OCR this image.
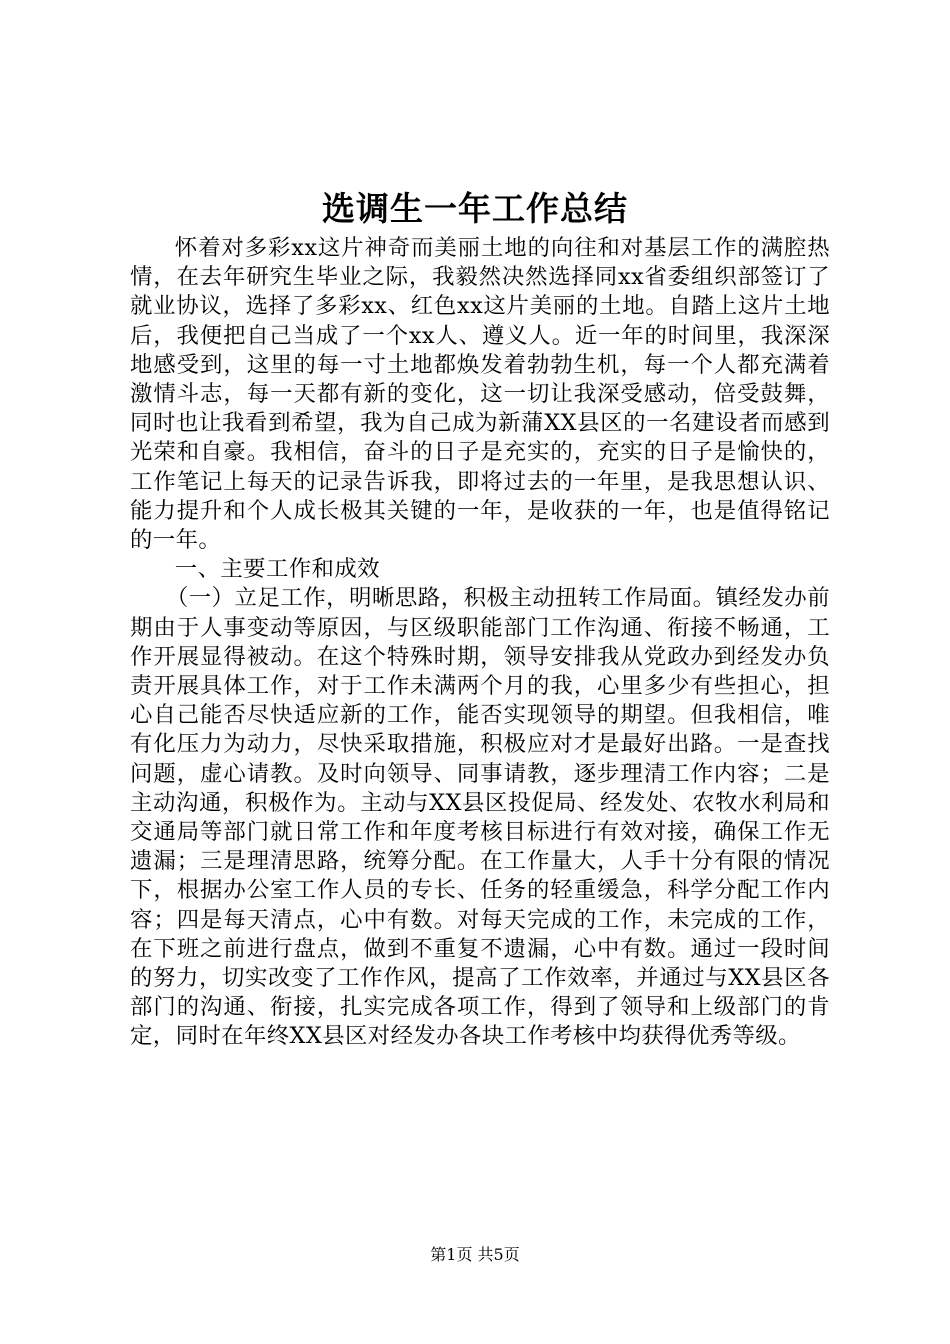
选调生一年工作总结

怀着对多彩xx这片神奇而美丽土地的向往和对基层工作的满腔热情，在去年研究生毕业之际，我毅然决然选择同xx省委组织部签订了就业协议，选择了多彩xx、红色xx这片美丽的土地。自踏上这片土地后，我便把自己当成了一个xx人、遵义人。近一年的时间里，我深深地感受到，这里的每一寸土地都焕发着勃勃生机，每一个人都充满着激情斗志，每一天都有新的变化，这一切让我深受感动，倍受鼓舞，同时也让我看到希望，我为自己成为新蒲XX县区的一名建设者而感到光荣和自豪。我相信，奋斗的日子是充实的，充实的日子是愉快的，工作笔记上每天的记录告诉我，即将过去的一年里，是我思想认识、能力提升和个人成长极其关键的一年，是收获的一年，也是值得铭记的一年。

一、主要工作和成效

（一）立足工作，明晰思路，积极主动扭转工作局面。镇经发办前期由于人事变动等原因，与区级职能部门工作沟通、衔接不畅通，工作开展显得被动。在这个特殊时期，领导安排我从党政办到经发办负责开展具体工作，对于工作未满两个月的我，心里多少有些担心，担心自己能否尽快适应新的工作，能否实现领导的期望。但我相信，唯有化压力为动力，尽快采取措施，积极应对才是最好出路。一是查找问题，虚心请教。及时向领导、同事请教，逐步理清工作内容；二是主动沟通，积极作为。主动与XX县区投促局、经发处、农牧水利局和交通局等部门就日常工作和年度考核目标进行有效对接，确保工作无遗漏；三是理清思路，统筹分配。在工作量大，人手十分有限的情况下，根据办公室工作人员的专长、任务的轻重缓急，科学分配工作内容；四是每天清点，心中有数。对每天完成的工作，未完成的工作，在下班之前进行盘点，做到不重复不遗漏，心中有数。通过一段时间的努力，切实改变了工作作风，提高了工作效率，并通过与XX县区各部门的沟通、衔接，扎实完成各项工作，得到了领导和上级部门的肯定，同时在年终XX县区对经发办各块工作考核中均获得优秀等级。

第1页 共5页
